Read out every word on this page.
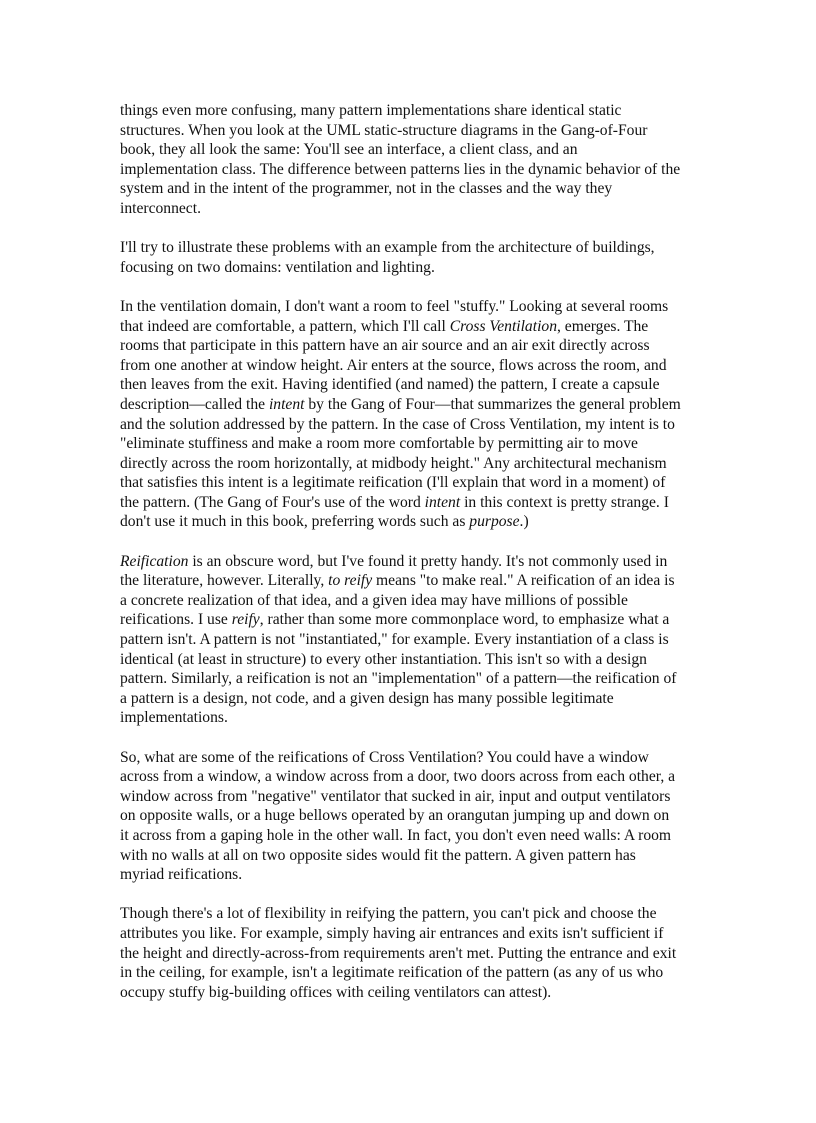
things even more confusing, many pattern implementations share identical static
structures. When you look at the UML static-structure diagrams in the Gang-of-Four
book, they all look the same: You'll see an interface, a client class, and an
implementation class. The difference between patterns lies in the dynamic behavior of the
system and in the intent of the programmer, not in the classes and the way they
interconnect.

I'll try to illustrate these problems with an example from the architecture of buildings,
focusing on two domains: ventilation and lighting.

In the ventilation domain, I don't want a room to feel "stuffy." Looking at several rooms
that indeed are comfortable, a pattern, which I'll call Cross Ventilation, emerges. The
rooms that participate in this pattern have an air source and an air exit directly across
from one another at window height. Air enters at the source, flows across the room, and
then leaves from the exit. Having identified (and named) the pattern, I create a capsule
description—called the intent by the Gang of Four—that summarizes the general problem
and the solution addressed by the pattern. In the case of Cross Ventilation, my intent is to
"eliminate stuffiness and make a room more comfortable by permitting air to move
directly across the room horizontally, at midbody height." Any architectural mechanism
that satisfies this intent is a legitimate reification (I'll explain that word in a moment) of
the pattern. (The Gang of Four's use of the word intent in this context is pretty strange. I
don't use it much in this book, preferring words such as purpose.)

Reification is an obscure word, but I've found it pretty handy. It's not commonly used in
the literature, however. Literally, to reify means "to make real." A reification of an idea is
a concrete realization of that idea, and a given idea may have millions of possible
reifications. I use reify, rather than some more commonplace word, to emphasize what a
pattern isn't. A pattern is not "instantiated," for example. Every instantiation of a class is
identical (at least in structure) to every other instantiation. This isn't so with a design
pattern. Similarly, a reification is not an "implementation" of a pattern—the reification of
a pattern is a design, not code, and a given design has many possible legitimate
implementations.

So, what are some of the reifications of Cross Ventilation? You could have a window
across from a window, a window across from a door, two doors across from each other, a
window across from "negative" ventilator that sucked in air, input and output ventilators
on opposite walls, or a huge bellows operated by an orangutan jumping up and down on
it across from a gaping hole in the other wall. In fact, you don't even need walls: A room
with no walls at all on two opposite sides would fit the pattern. A given pattern has
myriad reifications.

Though there's a lot of flexibility in reifying the pattern, you can't pick and choose the
attributes you like. For example, simply having air entrances and exits isn't sufficient if
the height and directly-across-from requirements aren't met. Putting the entrance and exit
in the ceiling, for example, isn't a legitimate reification of the pattern (as any of us who
occupy stuffy big-building offices with ceiling ventilators can attest).
